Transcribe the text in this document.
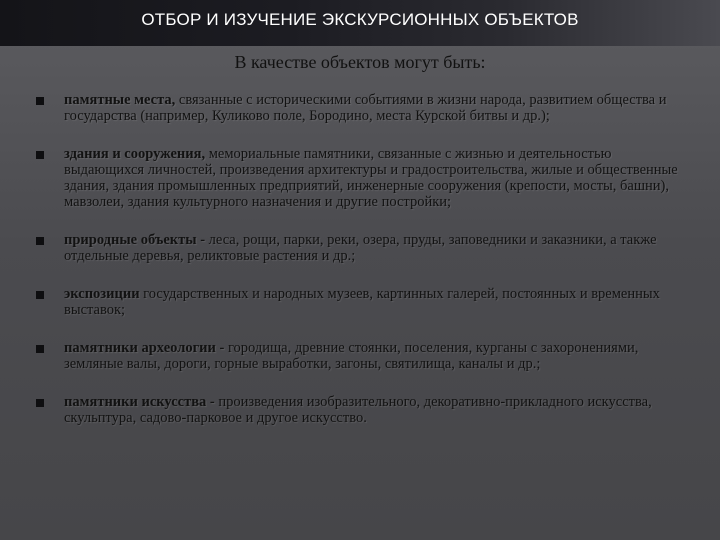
ОТБОР И ИЗУЧЕНИЕ ЭКСКУРСИОННЫХ ОБЪЕКТОВ
В качестве объектов могут быть:
памятные места, связанные с историческими событиями в жизни народа, развитием общества и государства (например, Куликово поле, Бородино, места Курской битвы и др.);
здания и сооружения, мемориальные памятники, связанные с жизнью и деятельностью выдающихся личностей, произведения архитектуры и градостроительства, жилые и общественные здания, здания промышленных предприятий, инженерные сооружения (крепости, мосты, башни), мавзолеи, здания культурного назначения и другие постройки;
природные объекты - леса, рощи, парки, реки, озера, пруды, заповедники и заказники, а также отдельные деревья, реликтовые растения и др.;
экспозиции государственных и народных музеев, картинных галерей, постоянных и временных выставок;
памятники археологии - городища, древние стоянки, поселения, курганы с захоронениями, земляные валы, дороги, горные выработки, загоны, святилища, каналы и др.;
памятники искусства - произведения изобразительного, декоративно-прикладного искусства, скульптура, садово-парковое и другое искусство.
